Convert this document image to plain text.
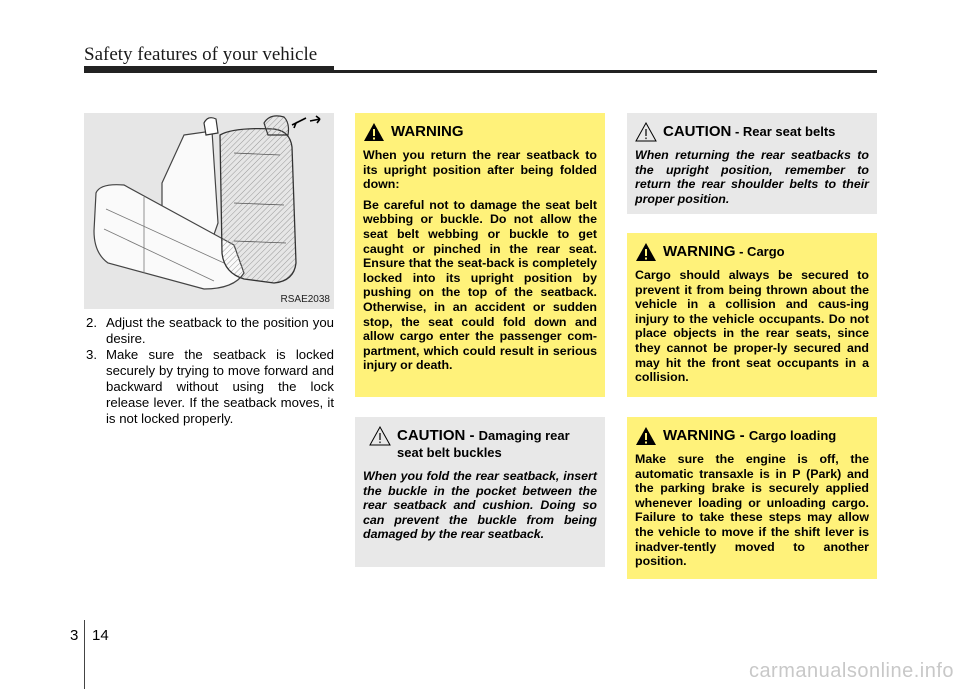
Safety features of your vehicle
RSAE2038

2. Adjust the seatback to the position you desire.

3. Make sure the seatback is locked securely by trying to move forward and backward without using the lock release lever. If the seatback moves, it is not locked properly.

WARNING

When you return the rear seatback to its upright position after being folded down:

Be careful not to damage the seat belt webbing or buckle. Do not allow the seat belt webbing or buckle to get caught or pinched in the rear seat. Ensure that the seat-back is completely locked into its upright position by pushing on the top of the seatback. Otherwise, in an accident or sudden stop, the seat could fold down and allow cargo enter the passenger com-partment, which could result in serious injury or death.

CAUTION - Damaging rear seat belt buckles

When you fold the rear seatback, insert the buckle in the pocket between the rear seatback and cushion. Doing so can prevent the buckle from being damaged by the rear seatback.

CAUTION - Rear seat belts

When returning the rear seatbacks to the upright position, remember to return the rear shoulder belts to their proper position.

WARNING - Cargo

Cargo should always be secured to prevent it from being thrown about the vehicle in a collision and caus-ing injury to the vehicle occupants. Do not place objects in the rear seats, since they cannot be proper-ly secured and may hit the front seat occupants in a collision.

WARNING - Cargo loading

Make sure the engine is off, the automatic transaxle is in P (Park) and the parking brake is securely applied whenever loading or unloading cargo. Failure to take these steps may allow the vehicle to move if the shift lever is inadver-tently moved to another position.

3 14
carmanualsonline.info
